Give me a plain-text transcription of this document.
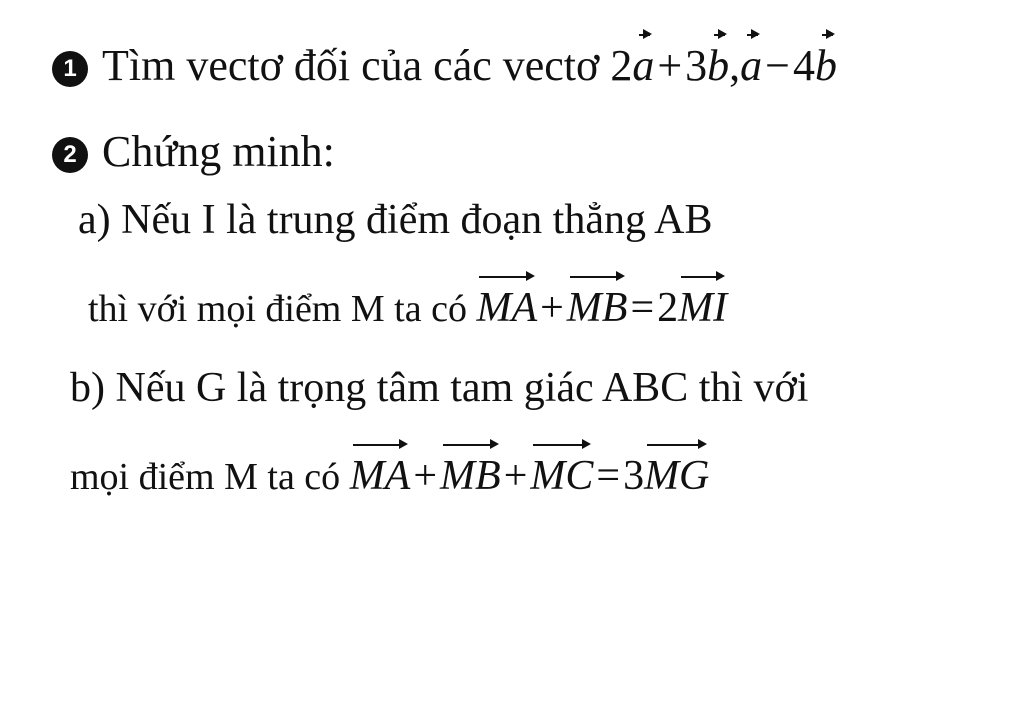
1 Tìm vectơ đối của các vectơ 2a+3b,a−4b
2 Chứng minh:
a) Nếu I là trung điểm đoạn thẳng AB
thì với mọi điểm M ta có MA+MB=2MI
b) Nếu G là trọng tâm tam giác ABC thì với
mọi điểm M ta có MA+MB+MC=3MG
